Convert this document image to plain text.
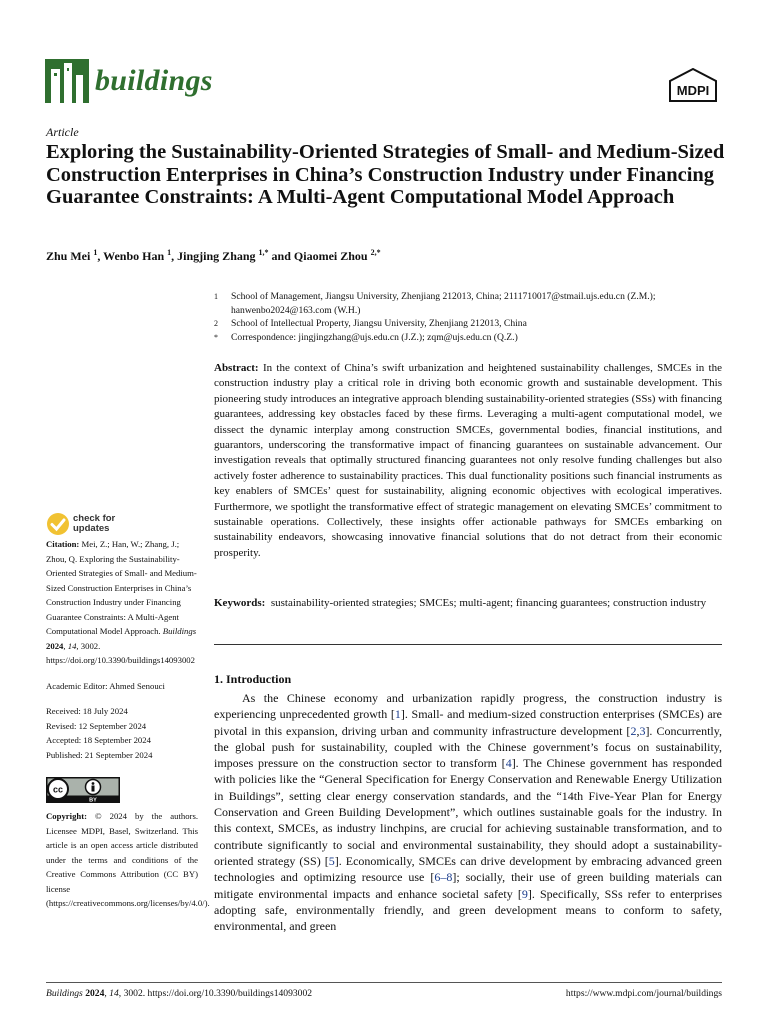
buildings	MDPI
Article
Exploring the Sustainability-Oriented Strategies of Small- and Medium-Sized Construction Enterprises in China’s Construction Industry under Financing Guarantee Constraints: A Multi-Agent Computational Model Approach
Zhu Mei $^1$, Wenbo Han $^1$, Jingjing Zhang $^{1,*}$ and Qiaomei Zhou $^{2,*}$
1	School of Management, Jiangsu University, Zhenjiang 212013, China; 2111710017@stmail.ujs.edu.cn (Z.M.);
hanwenbo2024@163.com (W.H.)
2	School of Intellectual Property, Jiangsu University, Zhenjiang 212013, China
*	Correspondence: jingjingzhang@ujs.edu.cn (J.Z.); zqm@ujs.edu.cn (Q.Z.)

Abstract: In the context of China’s swift urbanization and heightened sustainability challenges, SMCEs in the construction industry play a critical role in driving both economic growth and sustainable development. This pioneering study introduces an integrative approach blending sustainability-oriented strategies (SSs) with financing guarantees, addressing key obstacles faced by these firms. Leveraging a multi-agent computational model, we dissect the dynamic interplay among construction SMCEs, governmental bodies, financial institutions, and guarantors, underscoring the transformative impact of financing guarantees on sustainable advancement. Our investigation reveals that optimally structured financing guarantees not only resolve funding challenges but also actively foster adherence to sustainability practices. This dual functionality positions such financial instruments as key enablers of SMCEs’ quest for sustainability, aligning economic objectives with ecological imperatives. Furthermore, we spotlight the transformative effect of strategic management on elevating SMCEs’ commitment to sustainable operations. Collectively, these insights offer actionable pathways for SMCEs embarking on sustainability endeavors, showcasing innovative financial solutions that do not detract from their economic prosperity.

Keywords: sustainability-oriented strategies; SMCEs; multi-agent; financing guarantees; construction industry

1. Introduction

As the Chinese economy and urbanization rapidly progress, the construction industry is experiencing unprecedented growth [1]. Small- and medium-sized construction enterprises (SMCEs) are pivotal in this expansion, driving urban and community infrastructure development [2,3]. Concurrently, the global push for sustainability, coupled with the Chinese government’s focus on sustainability, imposes pressure on the construction sector to transform [4]. The Chinese government has responded with policies like the “General Specification for Energy Conservation and Renewable Energy Utilization in Buildings”, setting clear energy conservation standards, and the “14th Five-Year Plan for Energy Conservation and Green Building Development”, which outlines sustainable goals for the industry. In this context, SMCEs, as industry linchpins, are crucial for achieving sustainable transformation, and to contribute significantly to social and environmental sustainability, they should adopt a sustainability-oriented strategy (SS) [5]. Economically, SMCEs can drive development by embracing advanced green technologies and optimizing resource use [6–8]; socially, their use of green building materials can mitigate environmental impacts and enhance societal safety [9]. Specifically, SSs refer to enterprises adopting safe, environmentally friendly, and green development means to conform to safety, environmental, and green

check for
updates

Citation: Mei, Z.; Han, W.; Zhang, J.; Zhou, Q. Exploring the Sustainability-Oriented Strategies of Small- and Medium-Sized Construction Enterprises in China’s Construction Industry under Financing Guarantee Constraints: A Multi-Agent Computational Model Approach. Buildings 2024, 14, 3002. https://doi.org/10.3390/buildings14093002

Academic Editor: Ahmed Senouci

Received: 18 July 2024

Revised: 12 September 2024

Accepted: 18 September 2024

Published: 21 September 2024

cc
BY

Copyright: © 2024 by the authors. Licensee MDPI, Basel, Switzerland. This article is an open access article distributed under the terms and conditions of the Creative Commons Attribution (CC BY) license (https://creativecommons.org/licenses/by/4.0/).

Buildings 2024, 14, 3002. https://doi.org/10.3390/buildings14093002	https://www.mdpi.com/journal/buildings
